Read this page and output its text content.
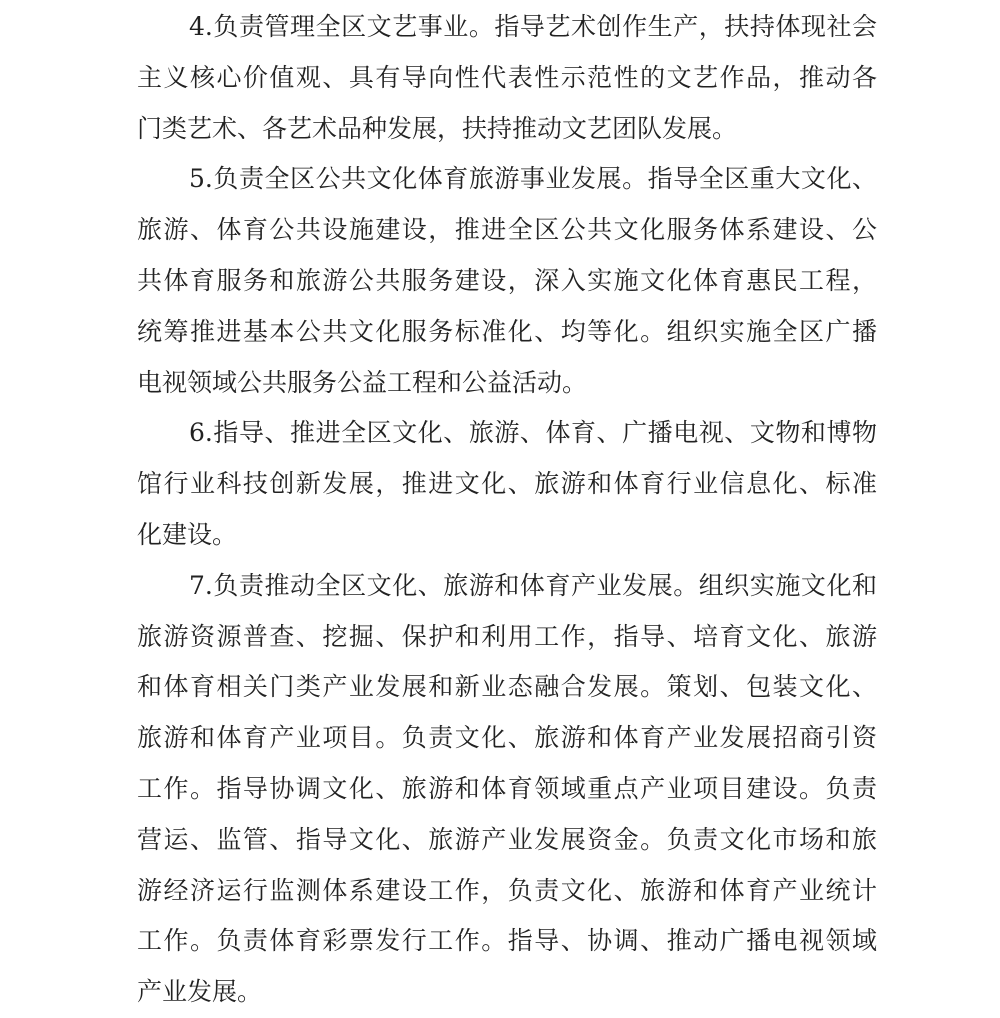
4.负责管理全区文艺事业。指导艺术创作生产，扶持体现社会
主义核心价值观、具有导向性代表性示范性的文艺作品，推动各
门类艺术、各艺术品种发展，扶持推动文艺团队发展。
5.负责全区公共文化体育旅游事业发展。指导全区重大文化、
旅游、体育公共设施建设，推进全区公共文化服务体系建设、公
共体育服务和旅游公共服务建设，深入实施文化体育惠民工程，
统筹推进基本公共文化服务标准化、均等化。组织实施全区广播
电视领域公共服务公益工程和公益活动。
6.指导、推进全区文化、旅游、体育、广播电视、文物和博物
馆行业科技创新发展，推进文化、旅游和体育行业信息化、标准
化建设。
7.负责推动全区文化、旅游和体育产业发展。组织实施文化和
旅游资源普查、挖掘、保护和利用工作，指导、培育文化、旅游
和体育相关门类产业发展和新业态融合发展。策划、包装文化、
旅游和体育产业项目。负责文化、旅游和体育产业发展招商引资
工作。指导协调文化、旅游和体育领域重点产业项目建设。负责
营运、监管、指导文化、旅游产业发展资金。负责文化市场和旅
游经济运行监测体系建设工作，负责文化、旅游和体育产业统计
工作。负责体育彩票发行工作。指导、协调、推动广播电视领域
产业发展。
